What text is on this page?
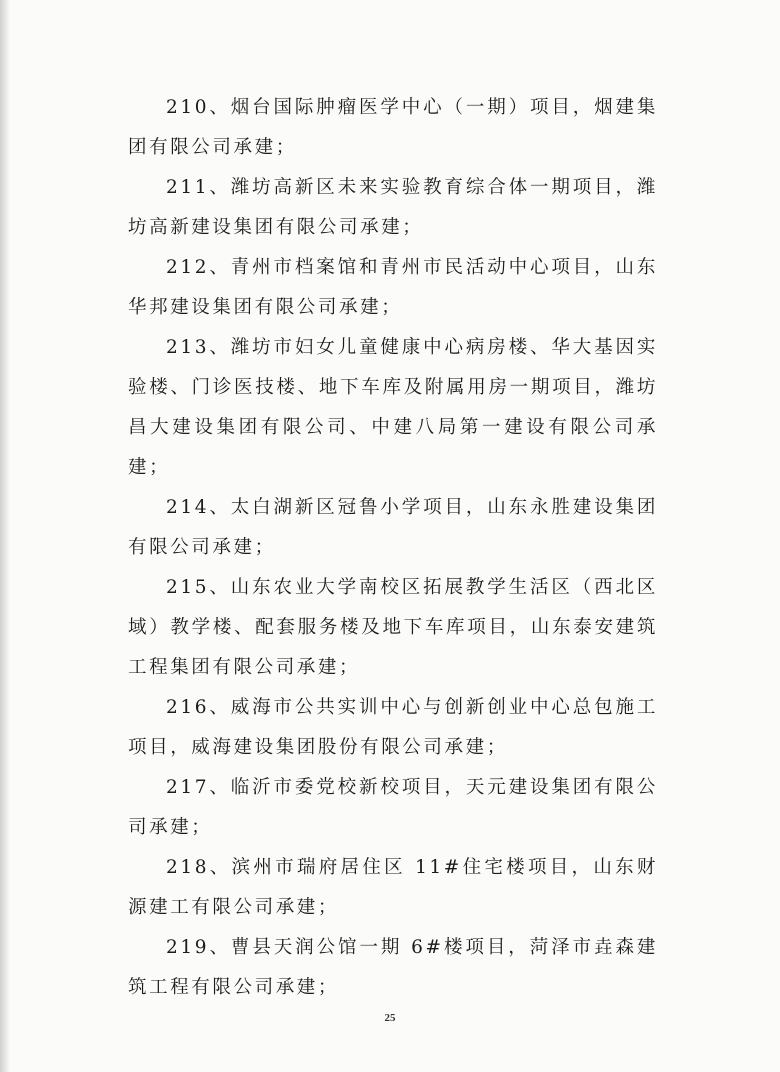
210、烟台国际肿瘤医学中心（一期）项目，烟建集团有限公司承建；

211、潍坊高新区未来实验教育综合体一期项目，潍坊高新建设集团有限公司承建；

212、青州市档案馆和青州市民活动中心项目，山东华邦建设集团有限公司承建；

213、潍坊市妇女儿童健康中心病房楼、华大基因实验楼、门诊医技楼、地下车库及附属用房一期项目，潍坊昌大建设集团有限公司、中建八局第一建设有限公司承建；

214、太白湖新区冠鲁小学项目，山东永胜建设集团有限公司承建；

215、山东农业大学南校区拓展教学生活区（西北区域）教学楼、配套服务楼及地下车库项目，山东泰安建筑工程集团有限公司承建；

216、威海市公共实训中心与创新创业中心总包施工项目，威海建设集团股份有限公司承建；

217、临沂市委党校新校项目，天元建设集团有限公司承建；

218、滨州市瑞府居住区 11#住宅楼项目，山东财源建工有限公司承建；

219、曹县天润公馆一期 6#楼项目，菏泽市垚森建筑工程有限公司承建；

25
